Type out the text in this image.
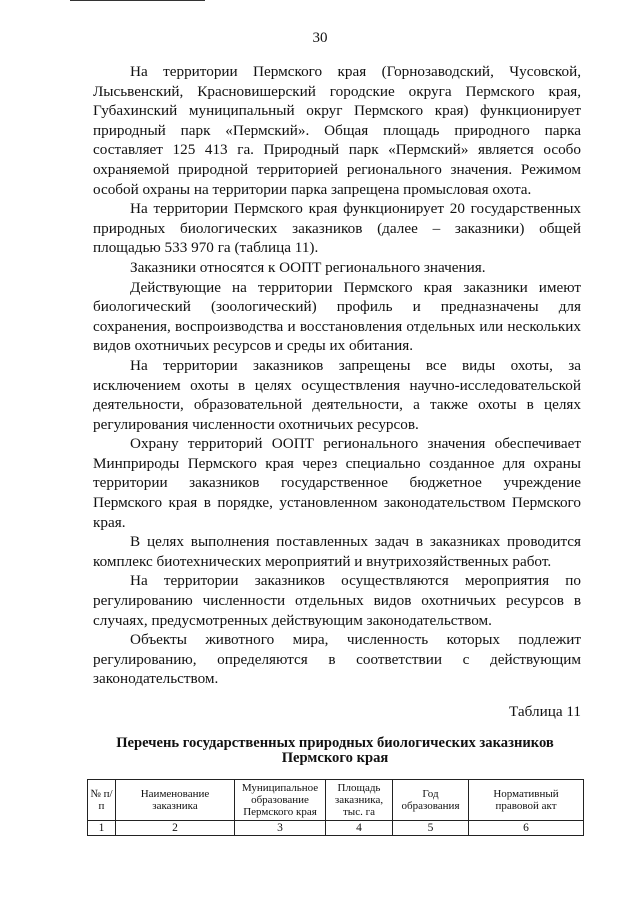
30

На территории Пермского края (Горнозаводский, Чусовской, Лысьвенский, Красновишерский городские округа Пермского края, Губахинский муниципальный округ Пермского края) функционирует природный парк «Пермский». Общая площадь природного парка составляет 125 413 га. Природный парк «Пермский» является особо охраняемой природной территорией регионального значения. Режимом особой охраны на территории парка запрещена промысловая охота.

На территории Пермского края функционирует 20 государственных природных биологических заказников (далее – заказники) общей площадью 533 970 га (таблица 11).

Заказники относятся к ООПТ регионального значения.

Действующие на территории Пермского края заказники имеют биологический (зоологический) профиль и предназначены для сохранения, воспроизводства и восстановления отдельных или нескольких видов охотничьих ресурсов и среды их обитания.

На территории заказников запрещены все виды охоты, за исключением охоты в целях осуществления научно-исследовательской деятельности, образовательной деятельности, а также охоты в целях регулирования численности охотничьих ресурсов.

Охрану территорий ООПТ регионального значения обеспечивает Минприроды Пермского края через специально созданное для охраны территории заказников государственное бюджетное учреждение Пермского края в порядке, установленном законодательством Пермского края.

В целях выполнения поставленных задач в заказниках проводится комплекс биотехнических мероприятий и внутрихозяйственных работ.

На территории заказников осуществляются мероприятия по регулированию численности отдельных видов охотничьих ресурсов в случаях, предусмотренных действующим законодательством.

Объекты животного мира, численность которых подлежит регулированию, определяются в соответствии с действующим законодательством.

Таблица 11
Перечень государственных природных биологических заказников Пермского края
№ п/п	Наименование заказника	Муниципальное образование Пермского края	Площадь заказника, тыс. га	Год образования	Нормативный правовой акт
1	2	3	4	5	6
